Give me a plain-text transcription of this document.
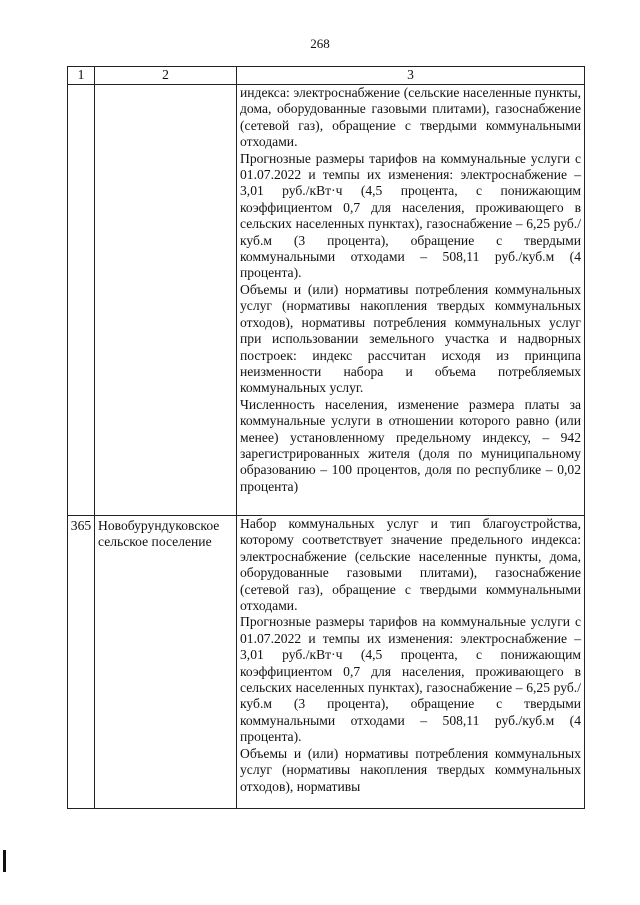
268
1	2	3

		индекса: электроснабжение (сельские населенные пункты, дома, оборудованные газовыми плитами), газоснабжение (сетевой газ), обращение с твердыми коммунальными отходами.

Прогнозные размеры тарифов на коммунальные услуги с 01.07.2022 и темпы их изменения: электроснабжение – 3,01 руб./кВт·ч (4,5 процента, с понижающим коэффициентом 0,7 для населения, проживающего в сельских населенных пунктах), газоснабжение – 6,25 руб./куб.м (3 процента), обращение с твердыми коммунальными отходами – 508,11 руб./куб.м (4 процента).

Объемы и (или) нормативы потребления коммунальных услуг (нормативы накопления твердых коммунальных отходов), нормативы потребления коммунальных услуг при использовании земельного участка и надворных построек: индекс рассчитан исходя из принципа неизменности набора и объема потребляемых коммунальных услуг.

Численность населения, изменение размера платы за коммунальные услуги в отношении которого равно (или менее) установленному предельному индексу, – 942 зарегистрированных жителя (доля по муниципальному образованию – 100 процентов, доля по республике – 0,02 процента)

365	Новобурундуковское сельское поселение	Набор коммунальных услуг и тип благоустройства, которому соответствует значение предельного индекса: электроснабжение (сельские населенные пункты, дома, оборудованные газовыми плитами), газоснабжение (сетевой газ), обращение с твердыми коммунальными отходами.

Прогнозные размеры тарифов на коммунальные услуги с 01.07.2022 и темпы их изменения: электроснабжение – 3,01 руб./кВт·ч (4,5 процента, с понижающим коэффициентом 0,7 для населения, проживающего в сельских населенных пунктах), газоснабжение – 6,25 руб./куб.м (3 процента), обращение с твердыми коммунальными отходами – 508,11 руб./куб.м (4 процента).

Объемы и (или) нормативы потребления коммунальных услуг (нормативы накопления твердых коммунальных отходов), нормативы
